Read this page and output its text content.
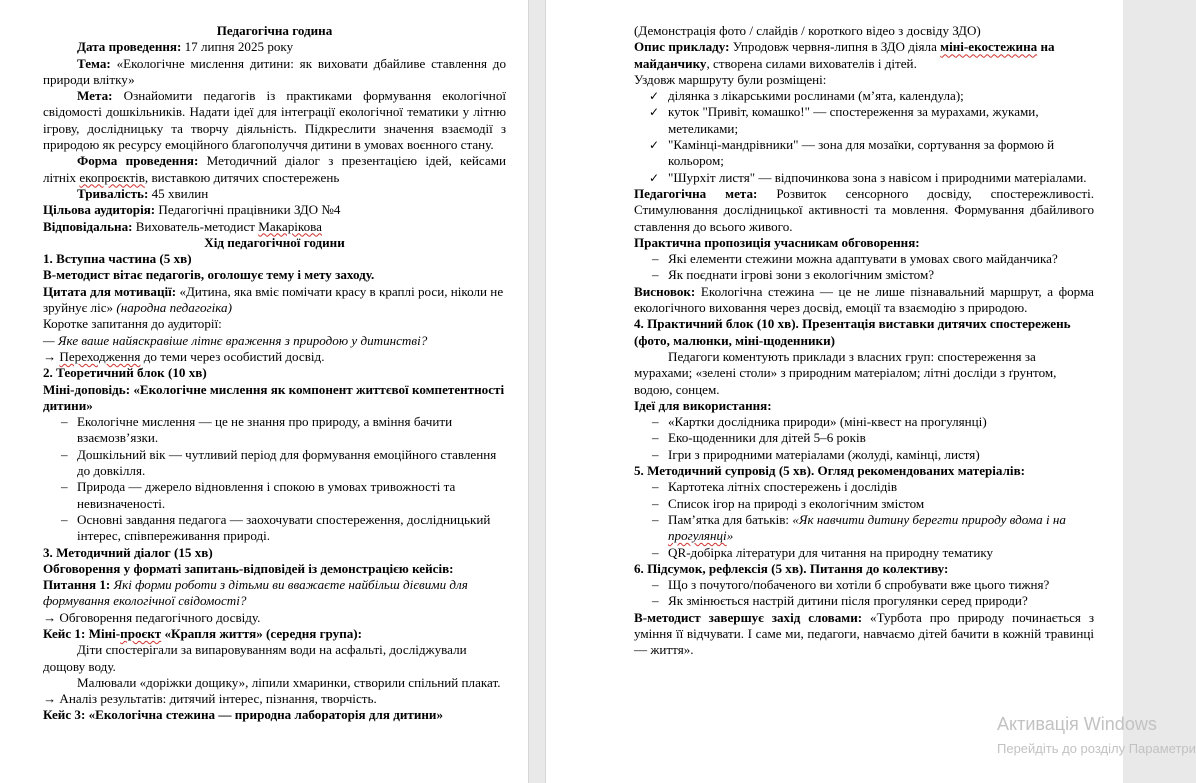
Педагогічна година

Дата проведення: 17 липня 2025 року

Тема: «Екологічне мислення дитини: як виховати дбайливе ставлення до природи влітку»

Мета: Ознайомити педагогів із практиками формування екологічної свідомості дошкільників. Надати ідеї для інтеграції екологічної тематики у літню ігрову, дослідницьку та творчу діяльність. Підкреслити значення взаємодії з природою як ресурсу емоційного благополуччя дитини в умовах воєнного стану.

Форма проведення: Методичний діалог з презентацією ідей, кейсами літніх екопроєктів, виставкою дитячих спостережень

Тривалість: 45 хвилин

Цільова аудиторія: Педагогічні працівники ЗДО №4

Відповідальна: Вихователь-методист Макарікова

Хід педагогічної години

1. Вступна частина (5 хв)

В-методист вітає педагогів, оголошує тему і мету заходу.

Цитата для мотивації: «Дитина, яка вміє помічати красу в краплі роси, ніколи не зруйнує ліс» (народна педагогіка)

Коротке запитання до аудиторії:

— Яке ваше найяскравіше літнє враження з природою у дитинстві?

→ Переходження до теми через особистий досвід.

2. Теоретичний блок (10 хв)

Міні-доповідь: «Екологічне мислення як компонент життєвої компетентності дитини»

– Екологічне мислення — це не знання про природу, а вміння бачити взаємозв’язки.
– Дошкільний вік — чутливий період для формування емоційного ставлення до довкілля.
– Природа — джерело відновлення і спокою в умовах тривожності та невизначеності.
– Основні завдання педагога — заохочувати спостереження, дослідницький інтерес, співпереживання природі.

3. Методичний діалог (15 хв)

Обговорення у форматі запитань-відповідей із демонстрацією кейсів:

Питання 1: Які форми роботи з дітьми ви вважаєте найбільш дієвими для формування екологічної свідомості?

→ Обговорення педагогічного досвіду.

Кейс 1: Міні-проєкт «Крапля життя» (середня група):

Діти спостерігали за випаровуванням води на асфальті, досліджували дощову воду.

Малювали «доріжки дощику», ліпили хмаринки, створили спільний плакат.

→ Аналіз результатів: дитячий інтерес, пізнання, творчість.

Кейс 3: «Екологічна стежина — природна лабораторія для дитини»

(Демонстрація фото / слайдів / короткого відео з досвіду ЗДО)

Опис прикладу: Упродовж червня-липня в ЗДО діяла міні-екостежина на майданчику, створена силами вихователів і дітей.

Уздовж маршруту були розміщені:

✓ ділянка з лікарськими рослинами (м’ята, календула);
✓ куток "Привіт, комашко!" — спостереження за мурахами, жуками, метеликами;
✓ "Камінці-мандрівники" — зона для мозаїки, сортування за формою й кольором;
✓ "Шурхіт листя" — відпочинкова зона з навісом і природними матеріалами.

Педагогічна мета: Розвиток сенсорного досвіду, спостережливості. Стимулювання дослідницької активності та мовлення. Формування дбайливого ставлення до всього живого.

Практична пропозиція учасникам обговорення:

– Які елементи стежини можна адаптувати в умовах свого майданчика?
– Як поєднати ігрові зони з екологічним змістом?

Висновок: Екологічна стежина — це не лише пізнавальний маршрут, а форма екологічного виховання через досвід, емоції та взаємодію з природою.

4. Практичний блок (10 хв). Презентація виставки дитячих спостережень (фото, малюнки, міні-щоденники)

Педагоги коментують приклади з власних груп: спостереження за мурахами; «зелені столи» з природним матеріалом; літні досліди з ґрунтом, водою, сонцем.

Ідеї для використання:

– «Картки дослідника природи» (міні-квест на прогулянці)
– Еко-щоденники для дітей 5–6 років
– Ігри з природними матеріалами (жолуді, камінці, листя)

5. Методичний супровід (5 хв). Огляд рекомендованих матеріалів:

– Картотека літніх спостережень і дослідів
– Список ігор на природі з екологічним змістом
– Пам’ятка для батьків: «Як навчити дитину берегти природу вдома і на прогулянці»
– QR-добірка літератури для читання на природну тематику

6. Підсумок, рефлексія (5 хв). Питання до колективу:

– Що з почутого/побаченого ви хотіли б спробувати вже цього тижня?
– Як змінюється настрій дитини після прогулянки серед природи?

В-методист завершує захід словами: «Турбота про природу починається з уміння її відчувати. І саме ми, педагоги, навчаємо дітей бачити в кожній травинці — життя».

Активація Windows
Перейдіть до розділу Параметри
